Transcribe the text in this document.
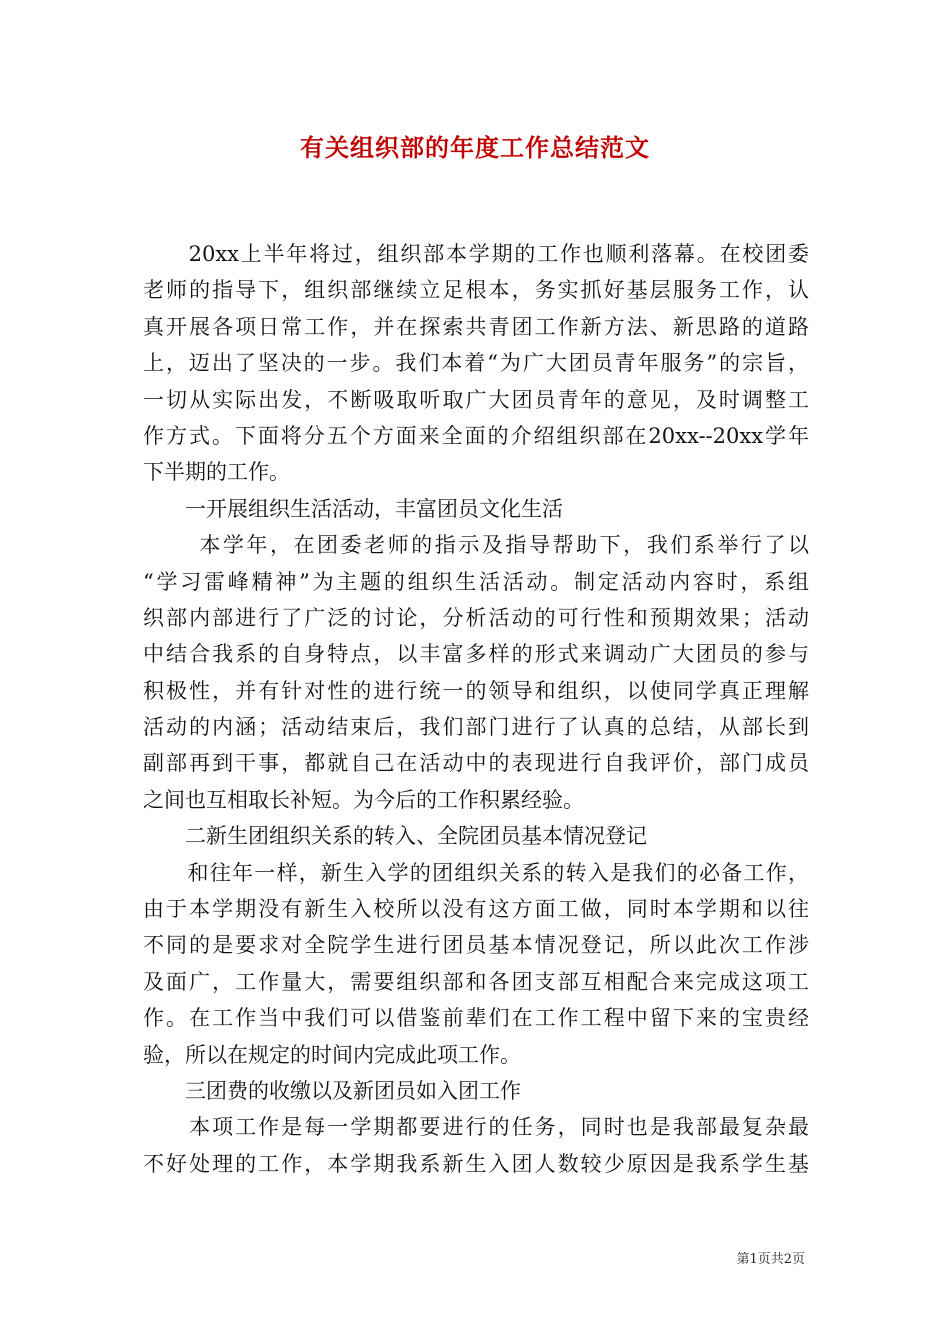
有关组织部的年度工作总结范文
　　20xx上半年将过，组织部本学期的工作也顺利落幕。在校团委
老师的指导下，组织部继续立足根本，务实抓好基层服务工作，认
真开展各项日常工作，并在探索共青团工作新方法、新思路的道路
上，迈出了坚决的一步。我们本着“为广大团员青年服务”的宗旨，
一切从实际出发，不断吸取听取广大团员青年的意见，及时调整工
作方式。下面将分五个方面来全面的介绍组织部在20xx--20xx学年
下半期的工作。
　　一开展组织生活活动，丰富团员文化生活
　　 本学年，在团委老师的指示及指导帮助下，我们系举行了以
“学习雷峰精神”为主题的组织生活活动。制定活动内容时，系组
织部内部进行了广泛的讨论，分析活动的可行性和预期效果；活动
中结合我系的自身特点，以丰富多样的形式来调动广大团员的参与
积极性，并有针对性的进行统一的领导和组织，以使同学真正理解
活动的内涵；活动结束后，我们部门进行了认真的总结，从部长到
副部再到干事，都就自己在活动中的表现进行自我评价，部门成员
之间也互相取长补短。为今后的工作积累经验。
　　二新生团组织关系的转入、全院团员基本情况登记
　　和往年一样，新生入学的团组织关系的转入是我们的必备工作，
由于本学期没有新生入校所以没有这方面工做，同时本学期和以往
不同的是要求对全院学生进行团员基本情况登记，所以此次工作涉
及面广，工作量大，需要组织部和各团支部互相配合来完成这项工
作。在工作当中我们可以借鉴前辈们在工作工程中留下来的宝贵经
验，所以在规定的时间内完成此项工作。
　　三团费的收缴以及新团员如入团工作
　　本项工作是每一学期都要进行的任务，同时也是我部最复杂最
不好处理的工作，本学期我系新生入团人数较少原因是我系学生基
第1页共2页
